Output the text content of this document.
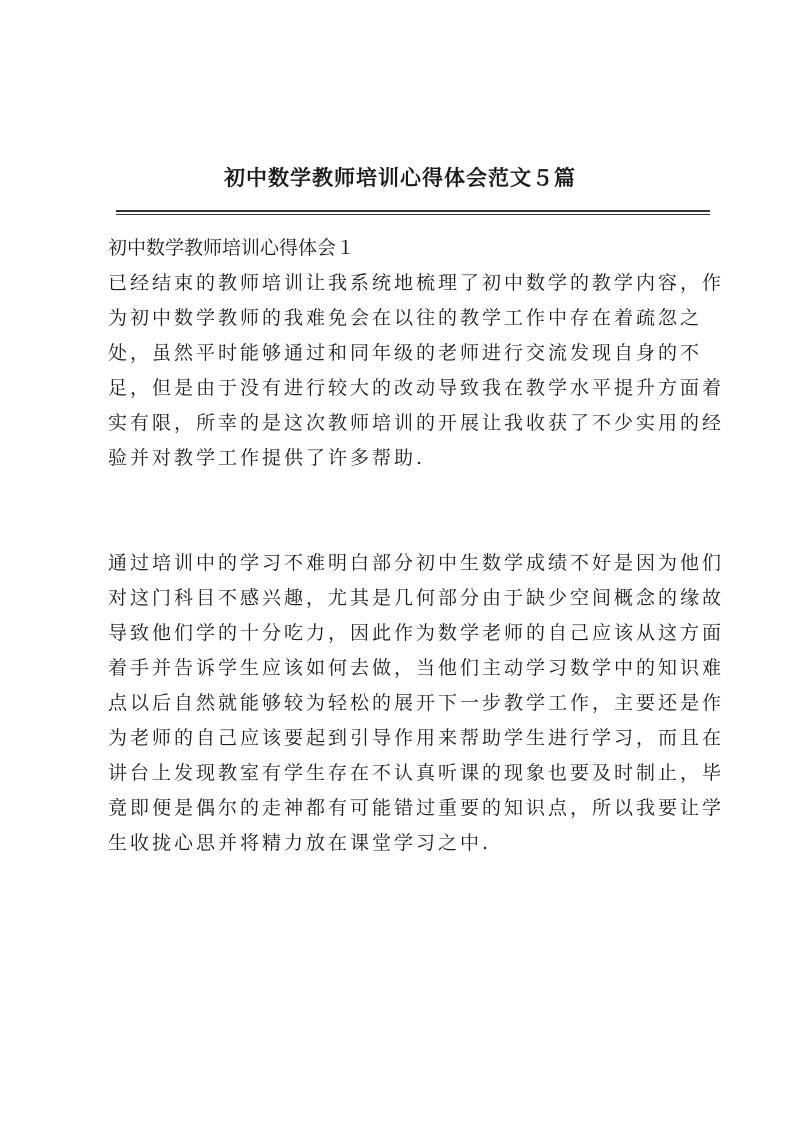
初中数学教师培训心得体会范文５篇

初中数学教师培训心得体会１

已经结束的教师培训让我系统地梳理了初中数学的教学内容，作
为初中数学教师的我难免会在以往的教学工作中存在着疏忽之
处，虽然平时能够通过和同年级的老师进行交流发现自身的不
足，但是由于没有进行较大的改动导致我在教学水平提升方面着
实有限，所幸的是这次教师培训的开展让我收获了不少实用的经
验并对教学工作提供了许多帮助.

通过培训中的学习不难明白部分初中生数学成绩不好是因为他们
对这门科目不感兴趣，尤其是几何部分由于缺少空间概念的缘故
导致他们学的十分吃力，因此作为数学老师的自己应该从这方面
着手并告诉学生应该如何去做，当他们主动学习数学中的知识难
点以后自然就能够较为轻松的展开下一步教学工作，主要还是作
为老师的自己应该要起到引导作用来帮助学生进行学习，而且在
讲台上发现教室有学生存在不认真听课的现象也要及时制止，毕
竟即便是偶尔的走神都有可能错过重要的知识点，所以我要让学
生收拢心思并将精力放在课堂学习之中.
